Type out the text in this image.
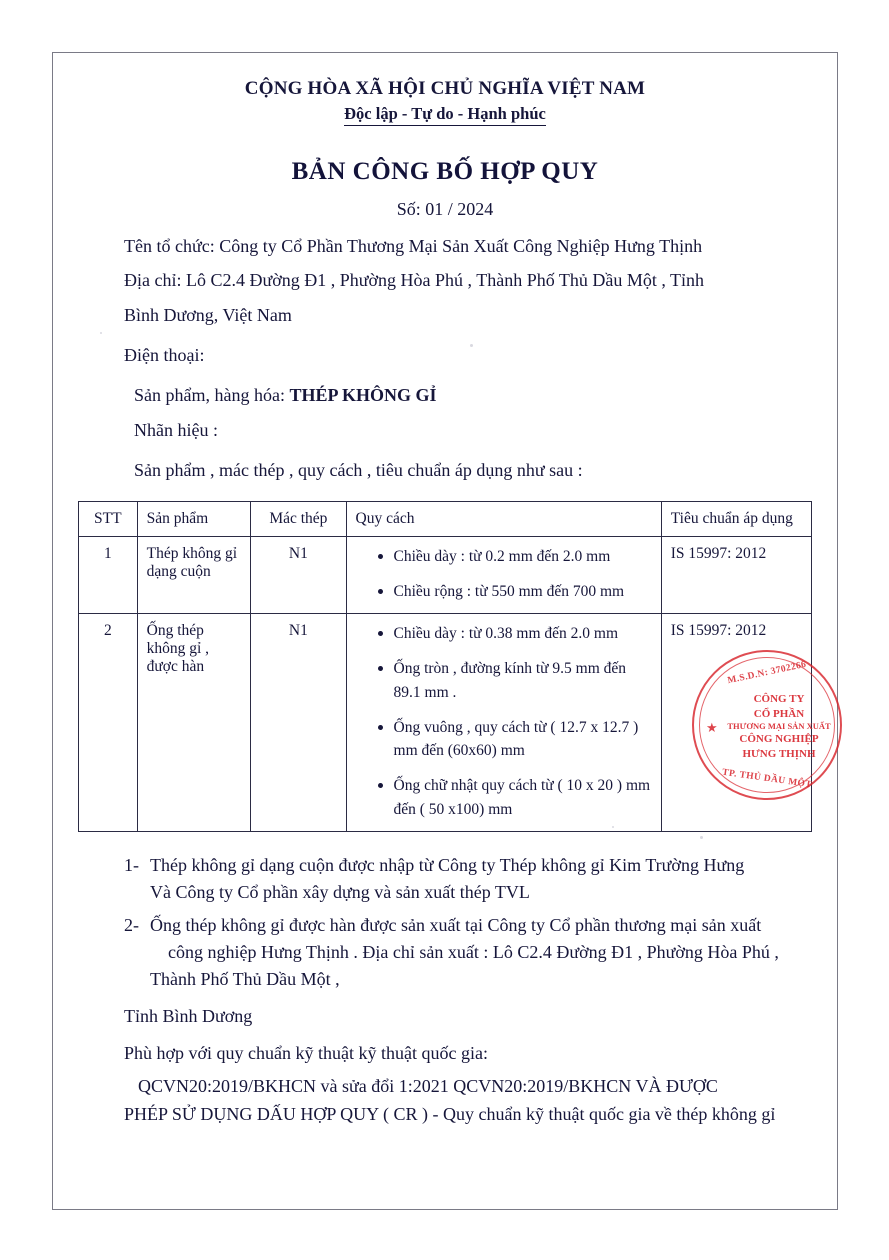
CỘNG HÒA XÃ HỘI CHỦ NGHĨA VIỆT NAM
Độc lập - Tự do - Hạnh phúc
BẢN CÔNG BỐ HỢP QUY
Số: 01 / 2024
Tên tổ chức: Công ty Cổ Phần Thương Mại Sản Xuất Công Nghiệp Hưng Thịnh
Địa chỉ: Lô C2.4 Đường Đ1 , Phường Hòa Phú , Thành Phố Thủ Dầu Một , Tỉnh
Bình Dương, Việt Nam
Điện thoại:
Sản phẩm, hàng hóa: THÉP KHÔNG GỈ
Nhãn hiệu :
Sản phẩm , mác thép , quy cách , tiêu chuẩn áp dụng như sau :
STT	Sản phẩm	Mác thép	Quy cách	Tiêu chuẩn áp dụng
1	Thép không gỉ dạng cuộn	N1	Chiều dày : từ 0.2 mm đến 2.0 mm
Chiều rộng : từ 550 mm đến 700 mm
	IS 15997: 2012
2	Ống thép không gỉ , được hàn	N1	Chiều dày : từ 0.38 mm đến 2.0 mm
Ống tròn , đường kính từ 9.5 mm đến 89.1 mm .
Ống vuông , quy cách từ ( 12.7 x 12.7 ) mm đến (60x60) mm
Ống chữ nhật quy cách từ ( 10 x 20 ) mm đến ( 50 x100) mm
	IS 15997: 2012
1- Thép không gỉ dạng cuộn được nhập từ Công ty Thép không gỉ Kim Trường Hưng
Và Công ty Cổ phần xây dựng và sản xuất thép TVL
2- Ống thép không gỉ được hàn được sản xuất tại Công ty Cổ phần thương mại sản xuất
công nghiệp Hưng Thịnh . Địa chỉ sản xuất : Lô C2.4 Đường Đ1 , Phường Hòa Phú ,
Thành Phố Thủ Dầu Một ,
Tỉnh Bình Dương
Phù hợp với quy chuẩn kỹ thuật kỹ thuật quốc gia:
QCVN20:2019/BKHCN và sửa đổi 1:2021 QCVN20:2019/BKHCN VÀ ĐƯỢC
PHÉP SỬ DỤNG DẤU HỢP QUY ( CR ) - Quy chuẩn kỹ thuật quốc gia về thép không gỉ
★
M.S.D.N: 3702266
CÔNG TY
CỔ PHẦN
THƯƠNG MẠI SẢN XUẤT
CÔNG NGHIỆP
HƯNG THỊNH
TP. THỦ DẦU MỘT
